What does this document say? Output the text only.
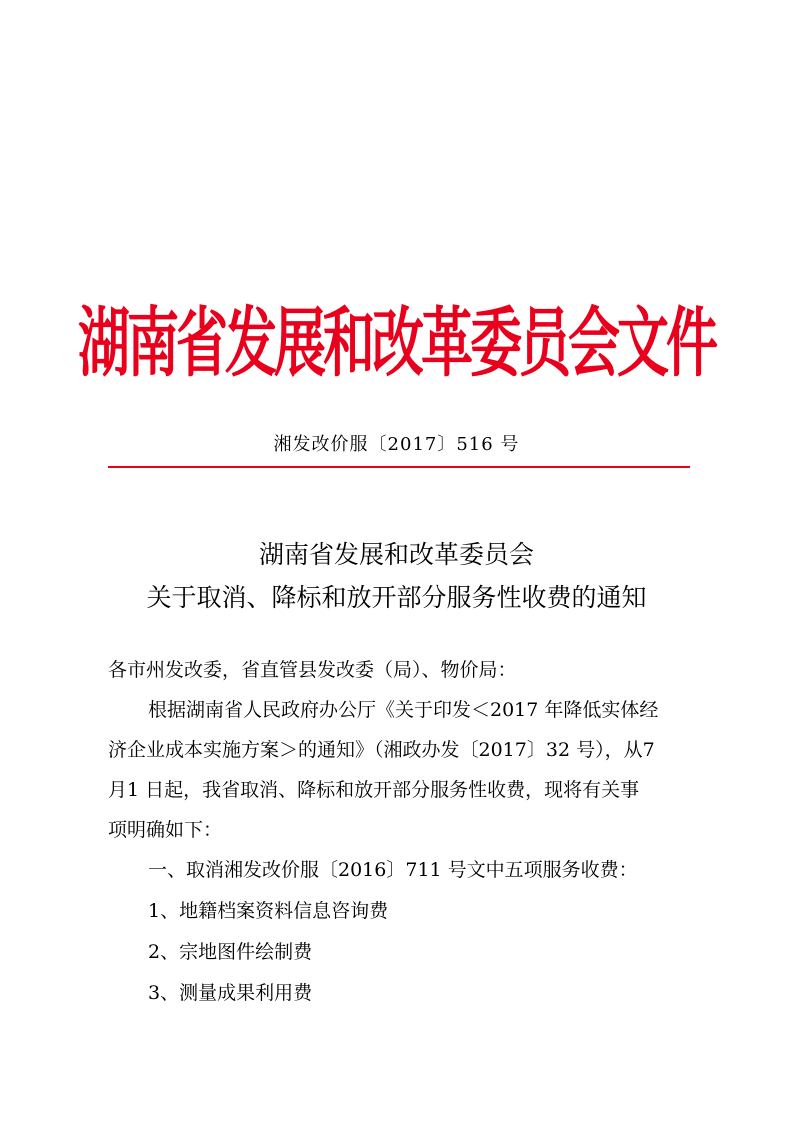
湖南省发展和改革委员会文件
湘发改价服〔2017〕516 号
湖南省发展和改革委员会
关于取消、降标和放开部分服务性收费的通知
各市州发改委，省直管县发改委（局）、物价局：
根据湖南省人民政府办公厅《关于印发＜2017 年降低实体经
济企业成本实施方案＞的通知》（湘政办发〔2017〕32 号），从7
月1 日起，我省取消、降标和放开部分服务性收费，现将有关事
项明确如下：
一、取消湘发改价服〔2016〕711 号文中五项服务收费：
1、地籍档案资料信息咨询费
2、宗地图件绘制费
3、测量成果利用费
